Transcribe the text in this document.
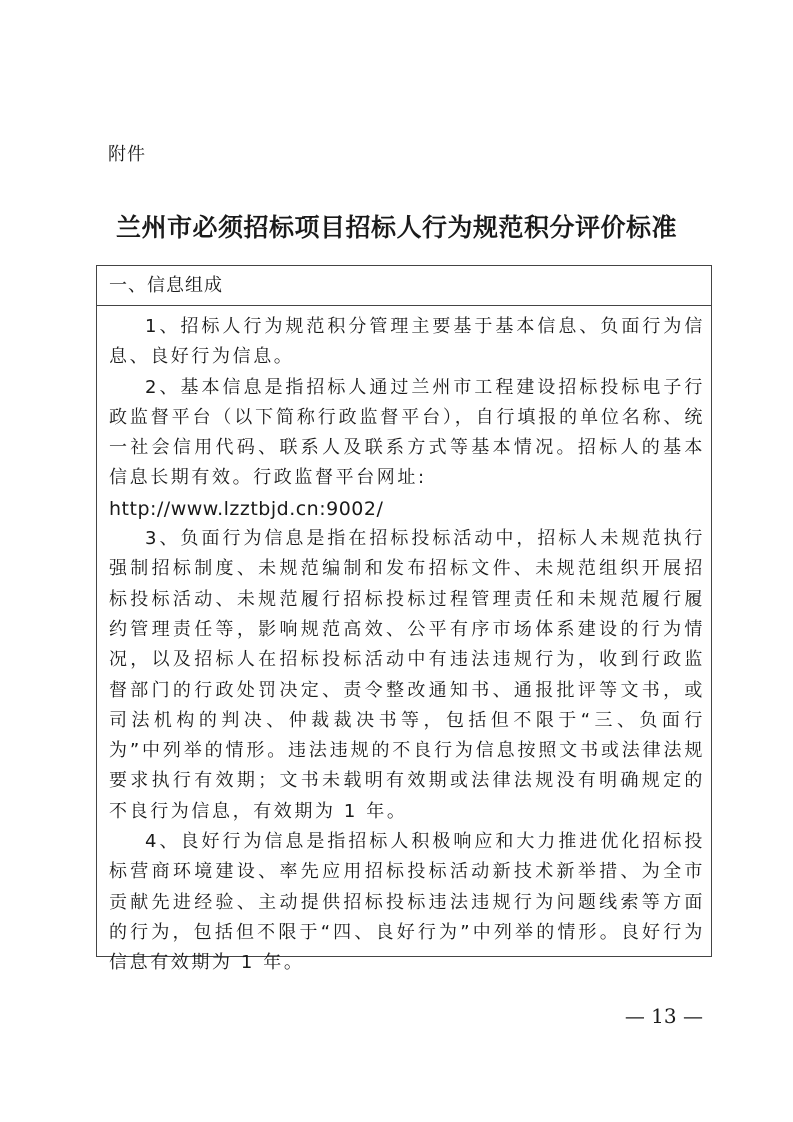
附件
兰州市必须招标项目招标人行为规范积分评价标准
一、信息组成

1、招标人行为规范积分管理主要基于基本信息、负面行为信息、良好行为信息。

2、基本信息是指招标人通过兰州市工程建设招标投标电子行政监督平台（以下简称行政监督平台），自行填报的单位名称、统一社会信用代码、联系人及联系方式等基本情况。招标人的基本信息长期有效。行政监督平台网址:

http://www.lzztbjd.cn:9002/

3、负面行为信息是指在招标投标活动中，招标人未规范执行强制招标制度、未规范编制和发布招标文件、未规范组织开展招标投标活动、未规范履行招标投标过程管理责任和未规范履行履约管理责任等，影响规范高效、公平有序市场体系建设的行为情况，以及招标人在招标投标活动中有违法违规行为，收到行政监督部门的行政处罚决定、责令整改通知书、通报批评等文书，或司法机构的判决、仲裁裁决书等，包括但不限于“三、负面行为”中列举的情形。违法违规的不良行为信息按照文书或法律法规要求执行有效期；文书未载明有效期或法律法规没有明确规定的不良行为信息，有效期为 1 年。

4、良好行为信息是指招标人积极响应和大力推进优化招标投标营商环境建设、率先应用招标投标活动新技术新举措、为全市贡献先进经验、主动提供招标投标违法违规行为问题线索等方面的行为，包括但不限于“四、良好行为”中列举的情形。良好行为信息有效期为 1 年。

— 13 —
